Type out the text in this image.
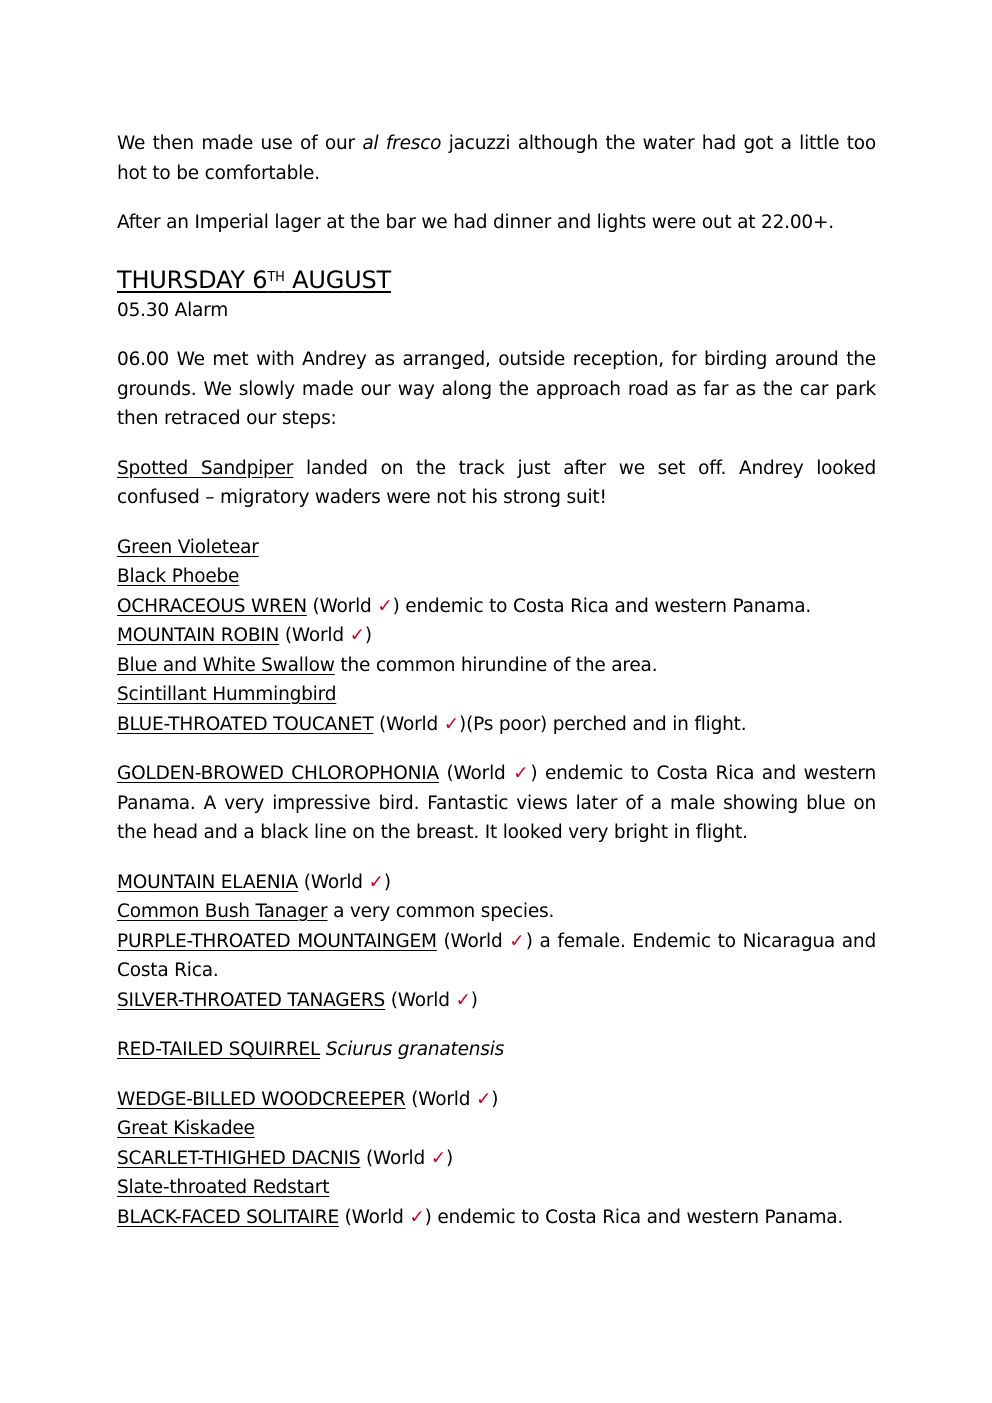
We then made use of our al fresco jacuzzi although the water had got a little too hot to be comfortable.

After an Imperial lager at the bar we had dinner and lights were out at 22.00+.

THURSDAY 6TH AUGUST

05.30 Alarm

06.00 We met with Andrey as arranged, outside reception, for birding around the grounds. We slowly made our way along the approach road as far as the car park then retraced our steps:

Spotted Sandpiper landed on the track just after we set off. Andrey looked confused – migratory waders were not his strong suit!

Green Violetear

Black Phoebe

OCHRACEOUS WREN (World ✓) endemic to Costa Rica and western Panama.

MOUNTAIN ROBIN (World ✓)

Blue and White Swallow the common hirundine of the area.

Scintillant Hummingbird

BLUE-THROATED TOUCANET (World ✓)(Ps poor) perched and in flight.

GOLDEN-BROWED CHLOROPHONIA (World ✓) endemic to Costa Rica and western Panama. A very impressive bird. Fantastic views later of a male showing blue on the head and a black line on the breast. It looked very bright in flight.

MOUNTAIN ELAENIA (World ✓)

Common Bush Tanager a very common species.

PURPLE-THROATED MOUNTAINGEM (World ✓) a female. Endemic to Nicaragua and Costa Rica.

SILVER-THROATED TANAGERS (World ✓)

RED-TAILED SQUIRREL Sciurus granatensis

WEDGE-BILLED WOODCREEPER (World ✓)

Great Kiskadee

SCARLET-THIGHED DACNIS (World ✓)

Slate-throated Redstart

BLACK-FACED SOLITAIRE (World ✓) endemic to Costa Rica and western Panama.
